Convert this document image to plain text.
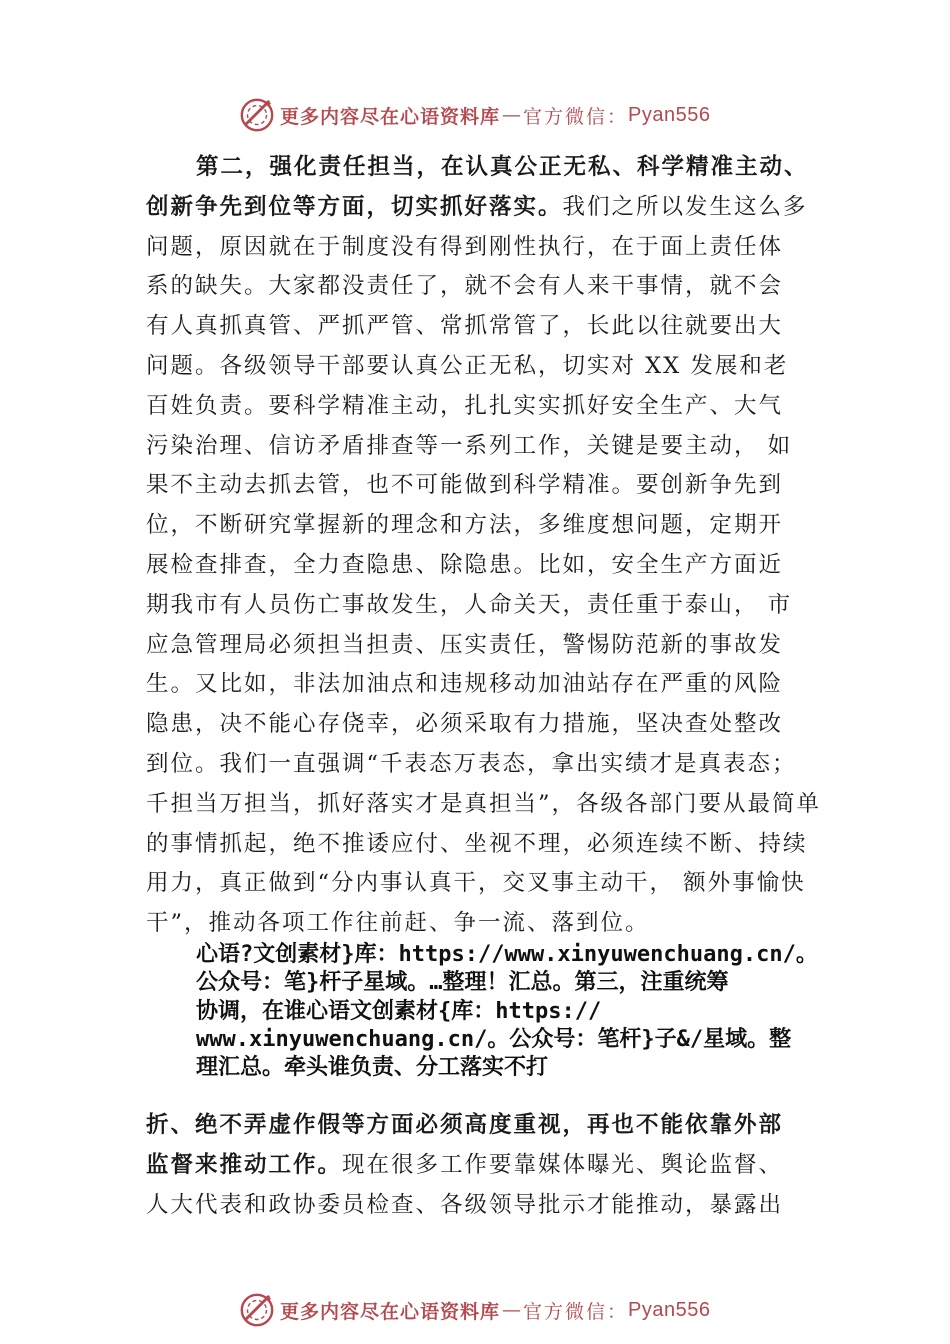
更多内容尽在心语资料库 — 官方微信： Pyan556
第二，强化责任担当，在认真公正无私、科学精准主动、
创新争先到位等方面，切实抓好落实。我们之所以发生这么多
问题，原因就在于制度没有得到刚性执行，在于面上责任体
系的缺失。大家都没责任了，就不会有人来干事情，就不会
有人真抓真管、严抓严管、常抓常管了，长此以往就要出大
问题。各级领导干部要认真公正无私，切实对 XX 发展和老
百姓负责。要科学精准主动，扎扎实实抓好安全生产、大气
污染治理、信访矛盾排查等一系列工作，关键是要主动， 如
果不主动去抓去管，也不可能做到科学精准。要创新争先到
位，不断研究掌握新的理念和方法，多维度想问题，定期开
展检查排查，全力查隐患、除隐患。比如，安全生产方面近
期我市有人员伤亡事故发生，人命关天，责任重于泰山， 市
应急管理局必须担当担责、压实责任，警惕防范新的事故发
生。又比如，非法加油点和违规移动加油站存在严重的风险
隐患，决不能心存侥幸，必须采取有力措施，坚决查处整改
到位。我们一直强调“千表态万表态，拿出实绩才是真表态；
千担当万担当，抓好落实才是真担当”，各级各部门要从最简单
的事情抓起，绝不推诿应付、坐视不理，必须连续不断、持续
用力，真正做到“分内事认真干，交叉事主动干， 额外事愉快
干”，推动各项工作往前赶、争一流、落到位。
心语?文创素材}库：https://www.xinyuwenchuang.cn/。
公众号：笔}杆子星域。…整理！汇总。第三，注重统筹
协调，在谁心语文创素材{库：https://
www.xinyuwenchuang.cn/。公众号：笔杆}子&/星域。整
理汇总。牵头谁负责、分工落实不打
折、绝不弄虚作假等方面必须高度重视，再也不能依靠外部
监督来推动工作。现在很多工作要靠媒体曝光、舆论监督、
人大代表和政协委员检查、各级领导批示才能推动，暴露出
更多内容尽在心语资料库 — 官方微信： Pyan556
